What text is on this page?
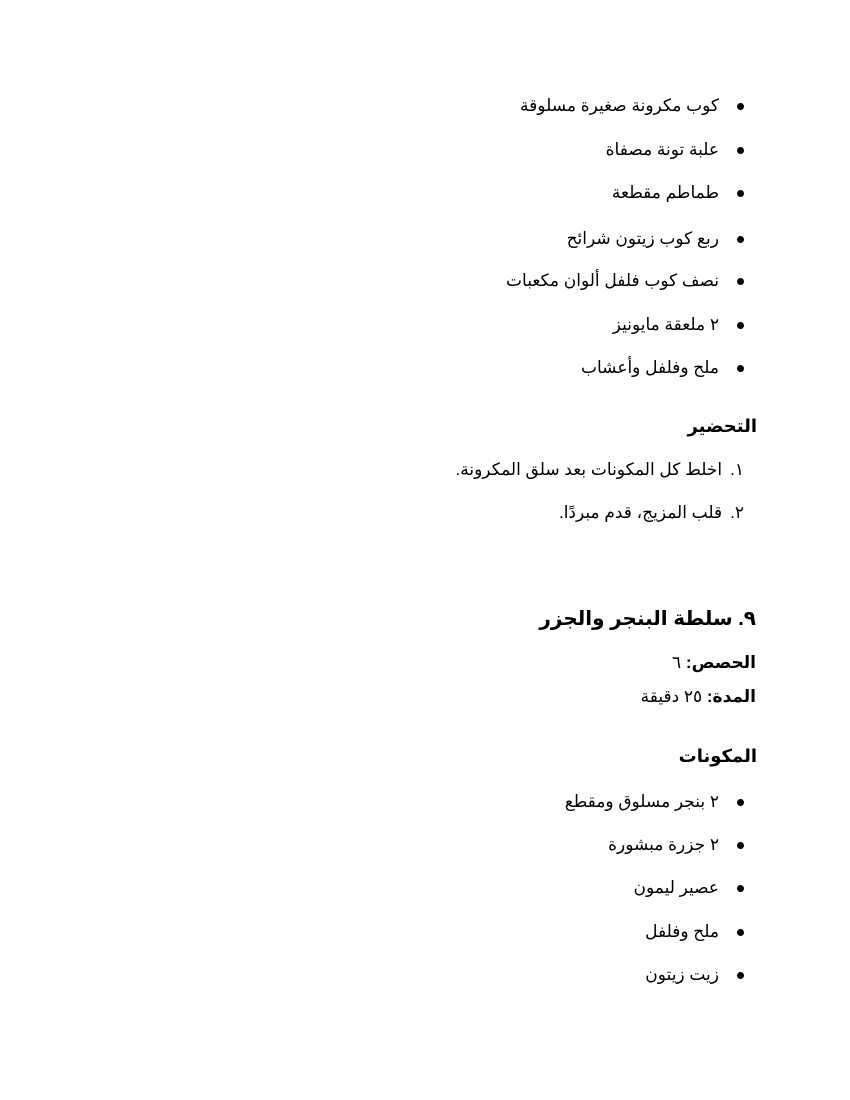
كوب مكرونة صغيرة مسلوقة
علبة تونة مصفاة
طماطم مقطعة
ربع كوب زيتون شرائح
نصف كوب فلفل ألوان مكعبات
٢ ملعقة مايونيز
ملح وفلفل وأعشاب
التحضير
١.اخلط كل المكونات بعد سلق المكرونة.
٢.قلب المزيج، قدم مبردًا.
٩. سلطة البنجر والجزر
الحصص: ٦
المدة: ٢٥ دقيقة
المكونات
٢ بنجر مسلوق ومقطع
٢ جزرة مبشورة
عصير ليمون
ملح وفلفل
زيت زيتون
